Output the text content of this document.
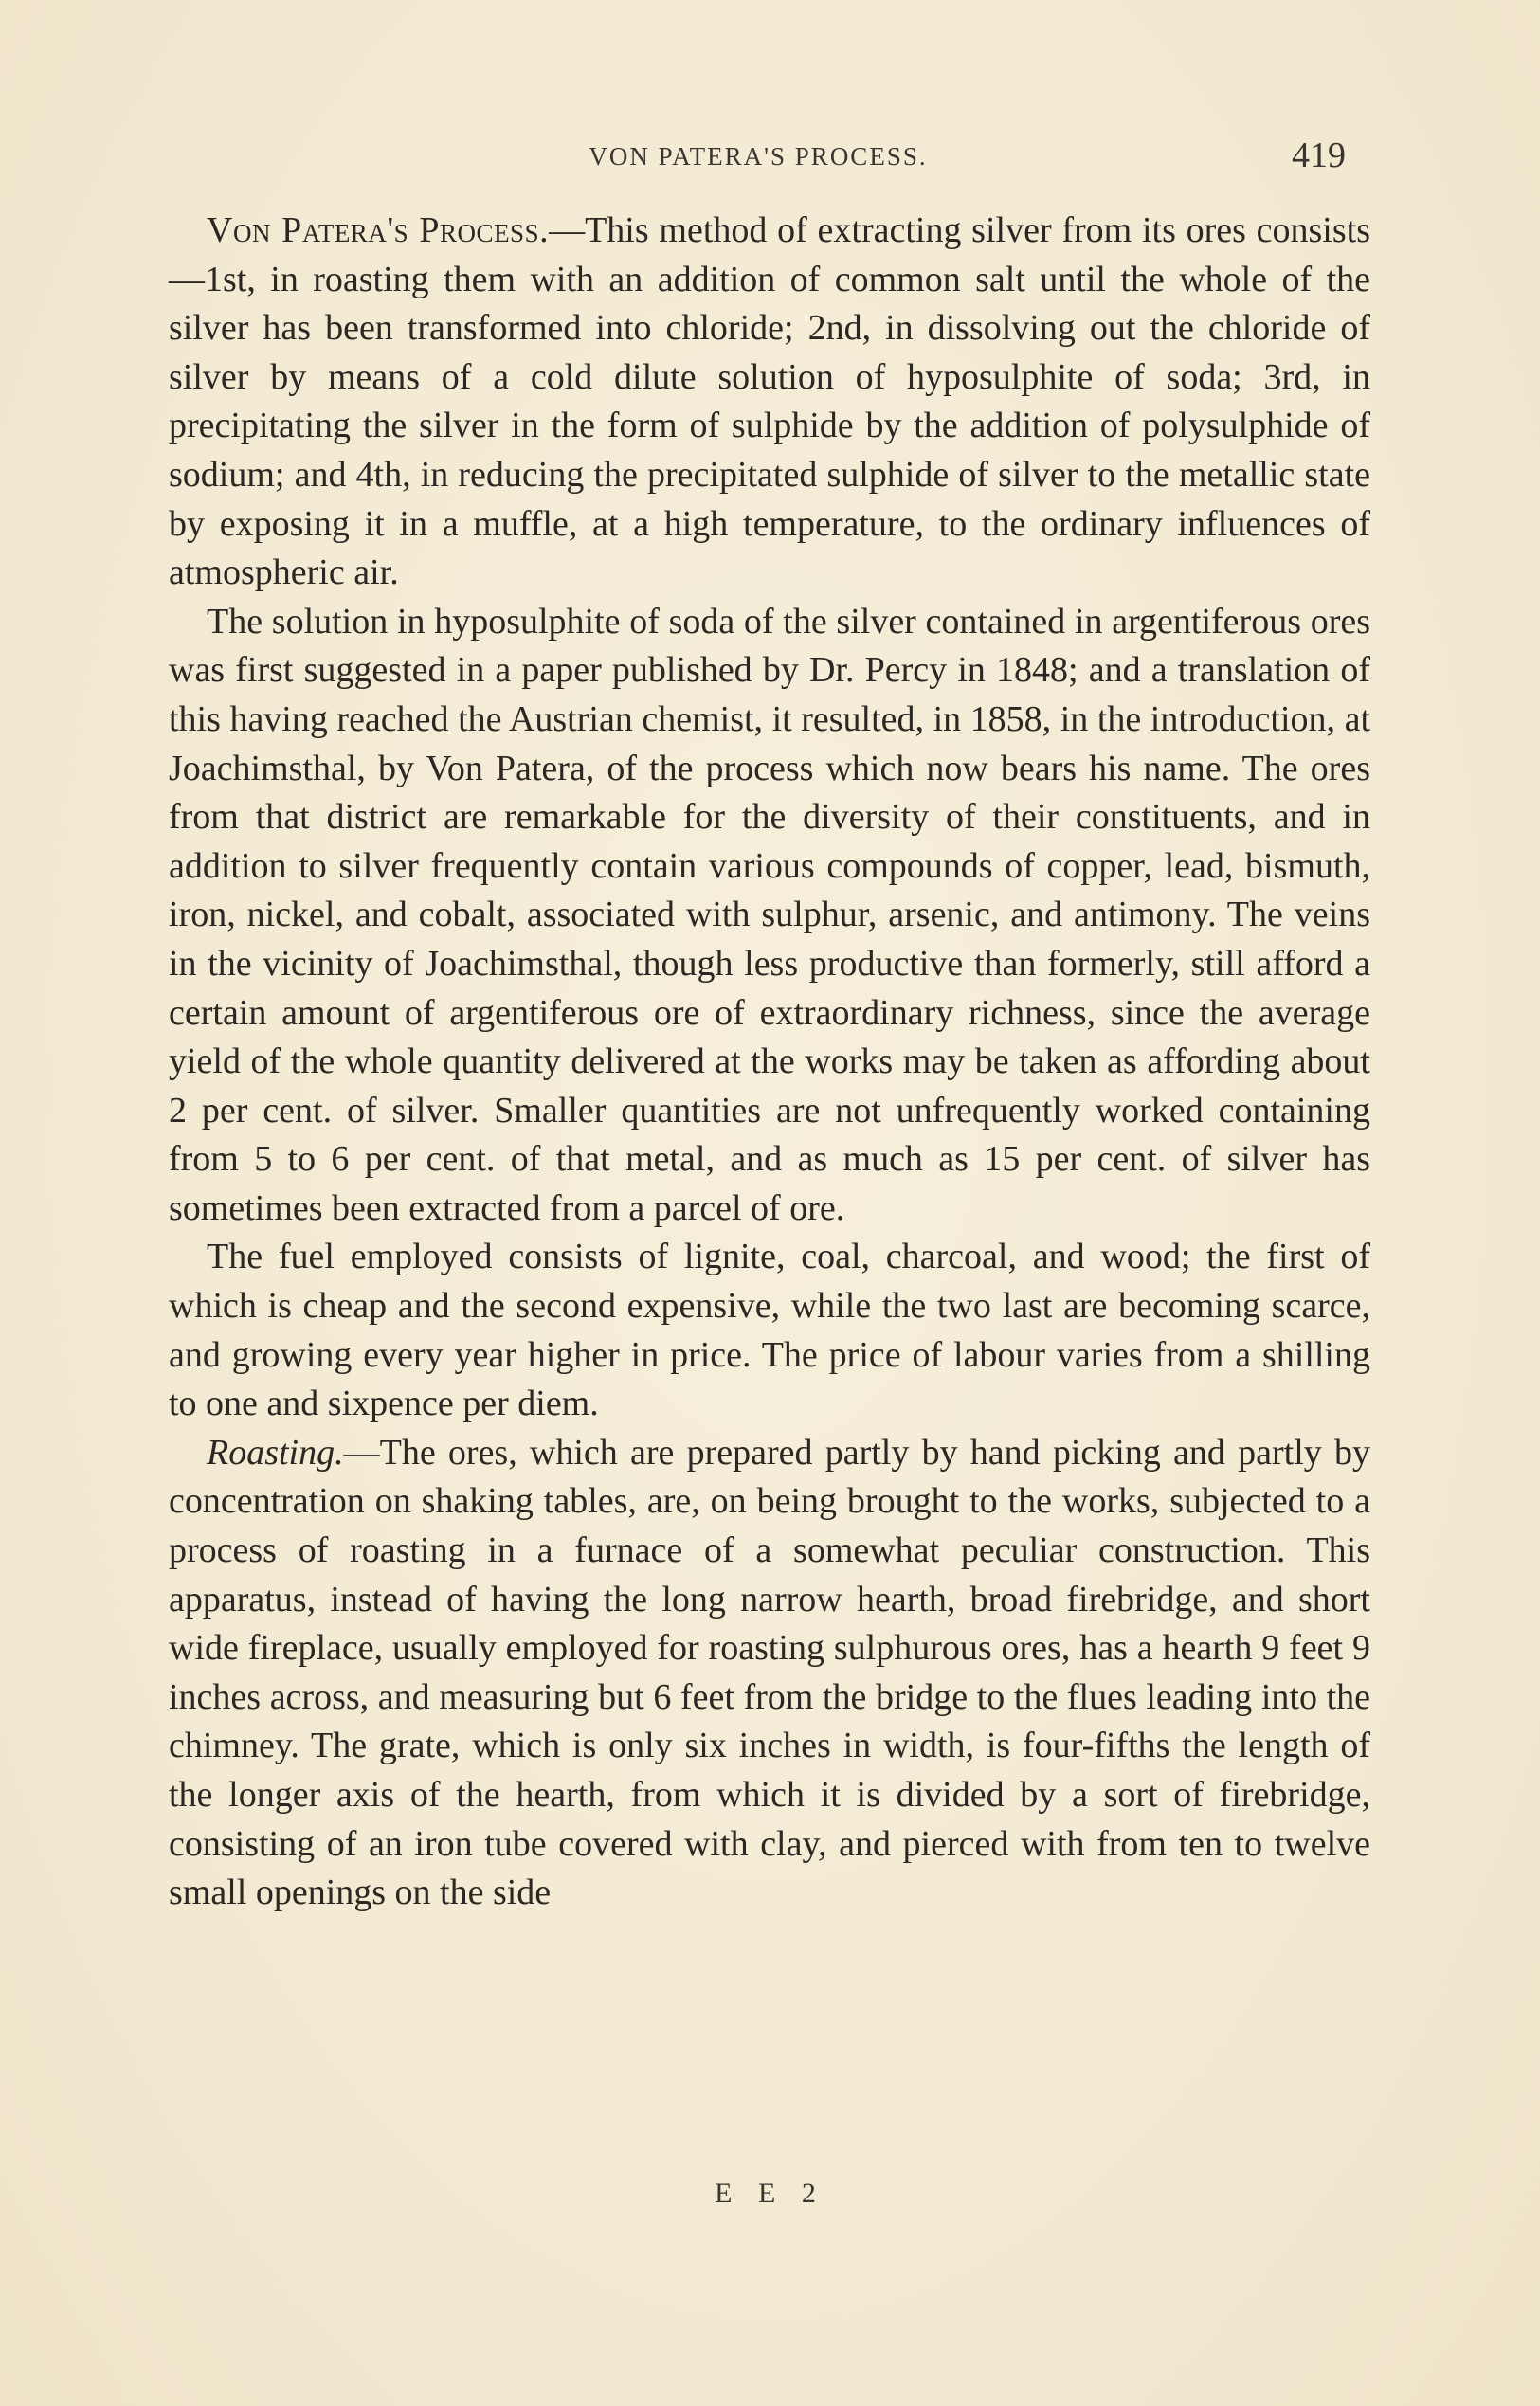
VON PATERA'S PROCESS.	419

Von Patera's Process.—This method of extracting silver from its ores consists—1st, in roasting them with an addition of common salt until the whole of the silver has been transformed into chloride; 2nd, in dissolving out the chloride of silver by means of a cold dilute solution of hyposulphite of soda; 3rd, in precipitating the silver in the form of sulphide by the addition of polysulphide of sodium; and 4th, in reducing the precipitated sulphide of silver to the metallic state by exposing it in a muffle, at a high temperature, to the ordinary influences of atmospheric air.

The solution in hyposulphite of soda of the silver contained in argentiferous ores was first suggested in a paper published by Dr. Percy in 1848; and a translation of this having reached the Austrian chemist, it resulted, in 1858, in the introduction, at Joachimsthal, by Von Patera, of the process which now bears his name. The ores from that district are remarkable for the diversity of their constituents, and in addition to silver frequently contain various compounds of copper, lead, bismuth, iron, nickel, and cobalt, associated with sulphur, arsenic, and antimony. The veins in the vicinity of Joachimsthal, though less productive than formerly, still afford a certain amount of argentiferous ore of extraordinary richness, since the average yield of the whole quantity delivered at the works may be taken as affording about 2 per cent. of silver. Smaller quantities are not unfrequently worked containing from 5 to 6 per cent. of that metal, and as much as 15 per cent. of silver has sometimes been extracted from a parcel of ore.

The fuel employed consists of lignite, coal, charcoal, and wood; the first of which is cheap and the second expensive, while the two last are becoming scarce, and growing every year higher in price. The price of labour varies from a shilling to one and sixpence per diem.

Roasting.—The ores, which are prepared partly by hand picking and partly by concentration on shaking tables, are, on being brought to the works, subjected to a process of roasting in a furnace of a somewhat peculiar construction. This apparatus, instead of having the long narrow hearth, broad firebridge, and short wide fireplace, usually employed for roasting sulphurous ores, has a hearth 9 feet 9 inches across, and measuring but 6 feet from the bridge to the flues leading into the chimney. The grate, which is only six inches in width, is four-fifths the length of the longer axis of the hearth, from which it is divided by a sort of firebridge, consisting of an iron tube covered with clay, and pierced with from ten to twelve small openings on the side

E E 2
